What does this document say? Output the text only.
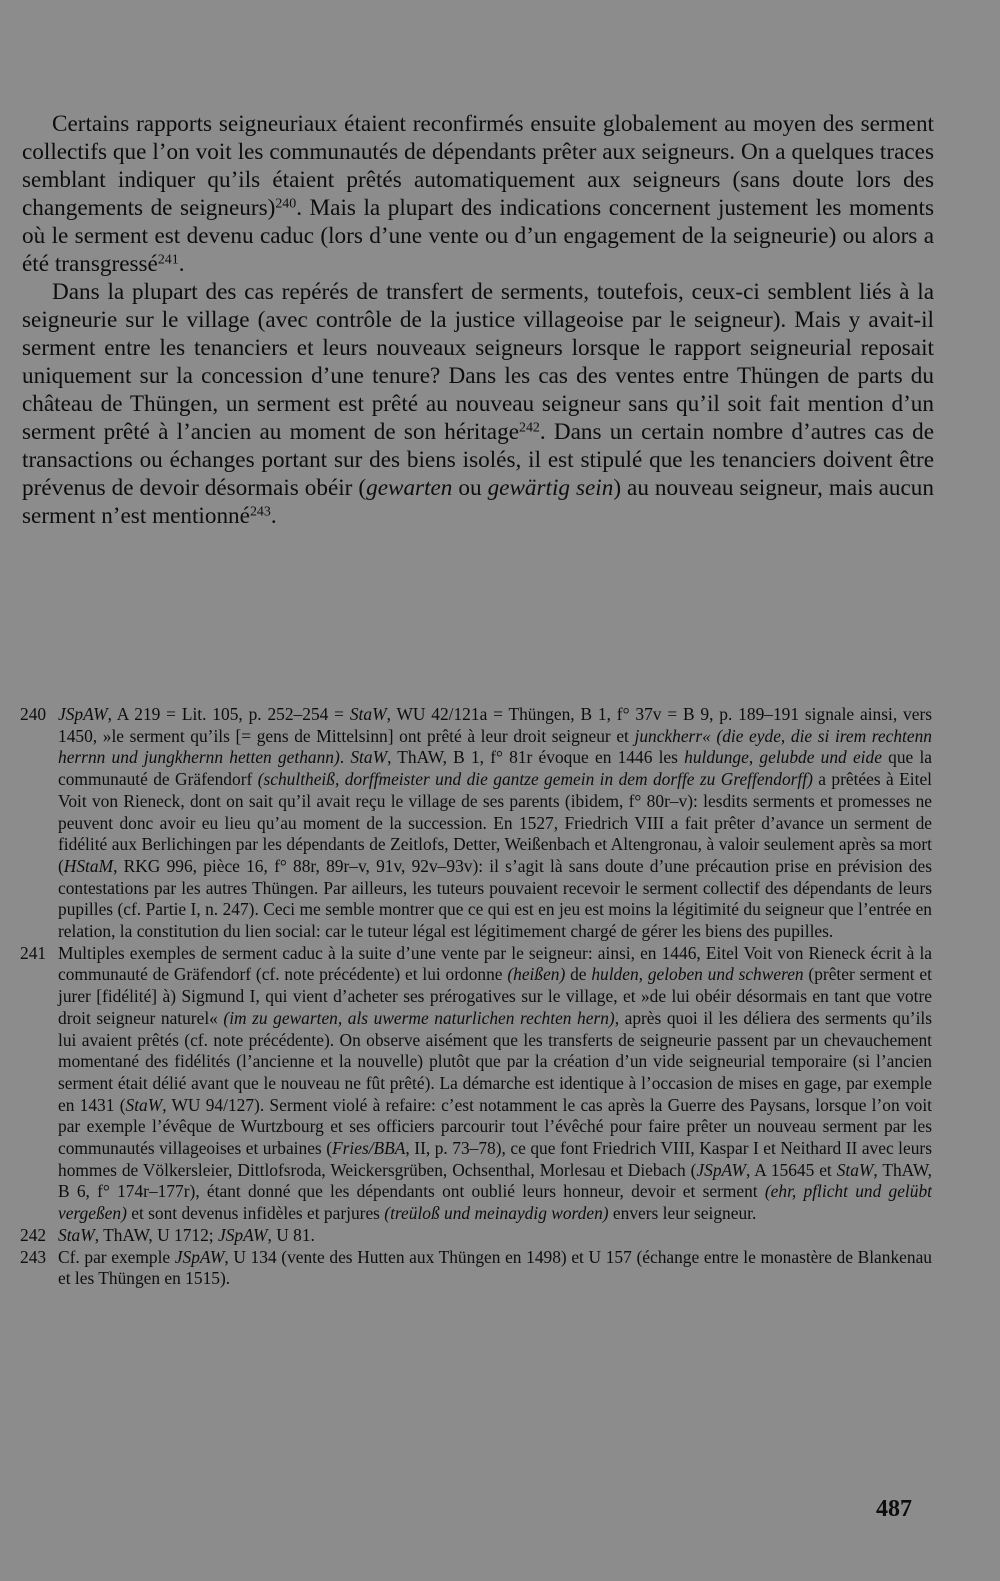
Certains rapports seigneuriaux étaient reconfirmés ensuite globalement au moyen des serment collectifs que l’on voit les communautés de dépendants prêter aux seigneurs. On a quelques traces semblant indiquer qu’ils étaient prêtés automatiquement aux seigneurs (sans doute lors des changements de seigneurs)$^{240}$. Mais la plupart des indications concernent justement les moments où le serment est devenu caduc (lors d’une vente ou d’un engagement de la seigneurie) ou alors a été transgressé$^{241}$.

Dans la plupart des cas repérés de transfert de serments, toutefois, ceux-ci semblent liés à la seigneurie sur le village (avec contrôle de la justice villageoise par le seigneur). Mais y avait-il serment entre les tenanciers et leurs nouveaux seigneurs lorsque le rapport seigneurial reposait uniquement sur la concession d’une tenure? Dans les cas des ventes entre Thüngen de parts du château de Thüngen, un serment est prêté au nouveau seigneur sans qu’il soit fait mention d’un serment prêté à l’ancien au moment de son héritage$^{242}$. Dans un certain nombre d’autres cas de transactions ou échanges portant sur des biens isolés, il est stipulé que les tenanciers doivent être prévenus de devoir désormais obéir (gewarten ou gewärtig sein) au nouveau seigneur, mais aucun serment n’est mentionné$^{243}$.

240 JSpAW, A 219 = Lit. 105, p. 252–254 = StaW, WU 42/121a = Thüngen, B 1, f° 37v = B 9, p. 189–191 signale ainsi, vers 1450, »le serment qu’ils [= gens de Mittelsinn] ont prêté à leur droit seigneur et junckherr« (die eyde, die si irem rechtenn herrnn und jungkhernn hetten gethann). StaW, ThAW, B 1, f° 81r évoque en 1446 les huldunge, gelubde und eide que la communauté de Gräfendorf (schultheiß, dorffmeister und die gantze gemein in dem dorffe zu Greffendorff) a prêtées à Eitel Voit von Rieneck, dont on sait qu’il avait reçu le village de ses parents (ibidem, f° 80r–v): lesdits serments et promesses ne peuvent donc avoir eu lieu qu’au moment de la succession. En 1527, Friedrich VIII a fait prêter d’avance un serment de fidélité aux Berlichingen par les dépendants de Zeitlofs, Detter, Weißenbach et Altengronau, à valoir seulement après sa mort (HStaM, RKG 996, pièce 16, f° 88r, 89r–v, 91v, 92v–93v): il s’agit là sans doute d’une précaution prise en prévision des contestations par les autres Thüngen. Par ailleurs, les tuteurs pouvaient recevoir le serment collectif des dépendants de leurs pupilles (cf. Partie I, n. 247). Ceci me semble montrer que ce qui est en jeu est moins la légitimité du seigneur que l’entrée en relation, la constitution du lien social: car le tuteur légal est légitimement chargé de gérer les biens des pupilles.
241 Multiples exemples de serment caduc à la suite d’une vente par le seigneur: ainsi, en 1446, Eitel Voit von Rieneck écrit à la communauté de Gräfendorf (cf. note précédente) et lui ordonne (heißen) de hulden, geloben und schweren (prêter serment et jurer [fidélité] à) Sigmund I, qui vient d’acheter ses prérogatives sur le village, et »de lui obéir désormais en tant que votre droit seigneur naturel« (im zu gewarten, als uwerme naturlichen rechten hern), après quoi il les déliera des serments qu’ils lui avaient prêtés (cf. note précédente). On observe aisément que les transferts de seigneurie passent par un chevauchement momentané des fidélités (l’ancienne et la nouvelle) plutôt que par la création d’un vide seigneurial temporaire (si l’ancien serment était délié avant que le nouveau ne fût prêté). La démarche est identique à l’occasion de mises en gage, par exemple en 1431 (StaW, WU 94/127). Serment violé à refaire: c’est notamment le cas après la Guerre des Paysans, lorsque l’on voit par exemple l’évêque de Wurtzbourg et ses officiers parcourir tout l’évêché pour faire prêter un nouveau serment par les communautés villageoises et urbaines (Fries/BBA, II, p. 73–78), ce que font Friedrich VIII, Kaspar I et Neithard II avec leurs hommes de Völkersleier, Dittlofsroda, Weickersgrüben, Ochsenthal, Morlesau et Diebach (JSpAW, A 15645 et StaW, ThAW, B 6, f° 174r–177r), étant donné que les dépendants ont oublié leurs honneur, devoir et serment (ehr, pflicht und gelübt vergeßen) et sont devenus infidèles et parjures (treüloß und meinaydig worden) envers leur seigneur.
242 StaW, ThAW, U 1712; JSpAW, U 81.
243 Cf. par exemple JSpAW, U 134 (vente des Hutten aux Thüngen en 1498) et U 157 (échange entre le monastère de Blankenau et les Thüngen en 1515).
487
